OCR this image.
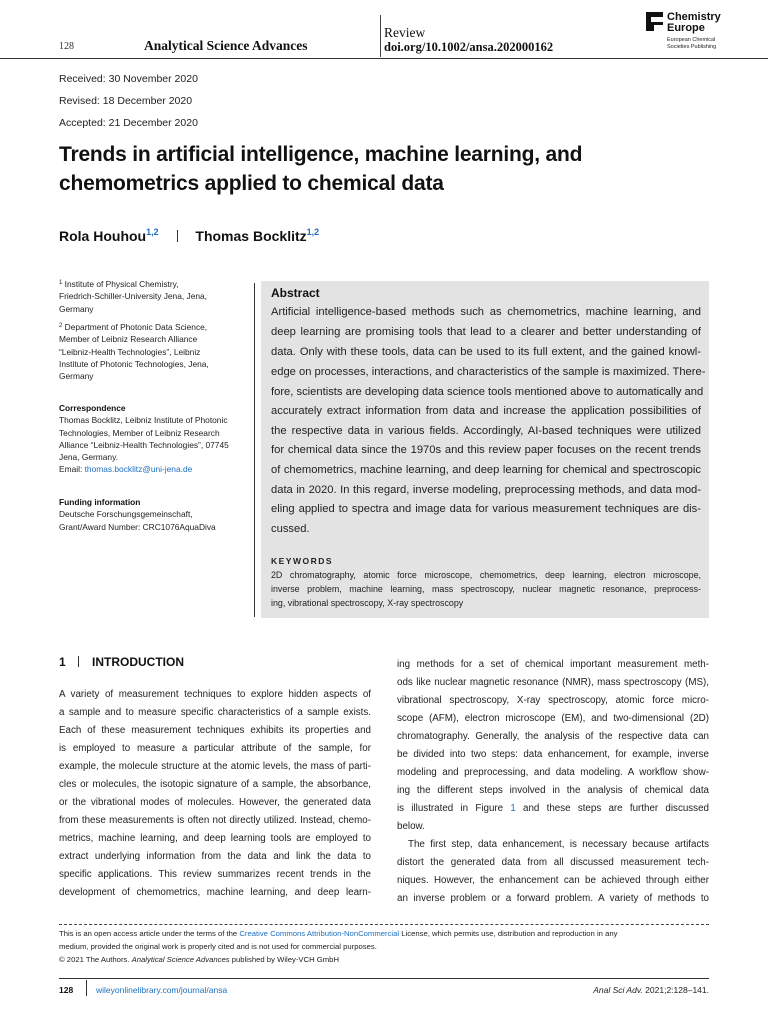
128	Analytical Science Advances
Review
doi.org/10.1002/ansa.202000162
Chemistry
Europe
European Chemical
Societies Publishing
Received: 30 November 2020
Revised: 18 December 2020
Accepted: 21 December 2020
Trends in artificial intelligence, machine learning, and
chemometrics applied to chemical data
Rola Houhou$^{1,2}$	Thomas Bocklitz$^{1,2}$
$^1$ Institute of Physical Chemistry,
Friedrich-Schiller-University Jena, Jena,
Germany
$^2$ Department of Photonic Data Science,
Member of Leibniz Research Alliance
“Leibniz-Health Technologies”, Leibniz
Institute of Photonic Technologies, Jena,
Germany
Correspondence
Thomas Bocklitz, Leibniz Institute of Photonic
Technologies, Member of Leibniz Research
Alliance “Leibniz-Health Technologies”, 07745
Jena, Germany.
Email: thomas.bocklitz@uni-jena.de
Funding information
Deutsche Forschungsgemeinschaft,
Grant/Award Number: CRC1076AquaDiva
Abstract
Artificial intelligence-based methods such as chemometrics, machine learning, and
deep learning are promising tools that lead to a clearer and better understanding of
data. Only with these tools, data can be used to its full extent, and the gained knowl-
edge on processes, interactions, and characteristics of the sample is maximized. There-
fore, scientists are developing data science tools mentioned above to automatically and
accurately extract information from data and increase the application possibilities of
the respective data in various fields. Accordingly, AI-based techniques were utilized
for chemical data since the 1970s and this review paper focuses on the recent trends
of chemometrics, machine learning, and deep learning for chemical and spectroscopic
data in 2020. In this regard, inverse modeling, preprocessing methods, and data mod-
eling applied to spectra and image data for various measurement techniques are dis-
cussed.
KEYWORDS
2D chromatography, atomic force microscope, chemometrics, deep learning, electron microscope,
inverse problem, machine learning, mass spectroscopy, nuclear magnetic resonance, preprocess-
ing, vibrational spectroscopy, X-ray spectroscopy
1 INTRODUCTION
A variety of measurement techniques to explore hidden aspects of
a sample and to measure specific characteristics of a sample exists.
Each of these measurement techniques exhibits its properties and
is employed to measure a particular attribute of the sample, for
example, the molecule structure at the atomic levels, the mass of parti-
cles or molecules, the isotopic signature of a sample, the absorbance,
or the vibrational modes of molecules. However, the generated data
from these measurements is often not directly utilized. Instead, chemo-
metrics, machine learning, and deep learning tools are employed to
extract underlying information from the data and link the data to
specific applications. This review summarizes recent trends in the
development of chemometrics, machine learning, and deep learn-
ing methods for a set of chemical important measurement meth-
ods like nuclear magnetic resonance (NMR), mass spectroscopy (MS),
vibrational spectroscopy, X-ray spectroscopy, atomic force micro-
scope (AFM), electron microscope (EM), and two-dimensional (2D)
chromatography. Generally, the analysis of the respective data can
be divided into two steps: data enhancement, for example, inverse
modeling and preprocessing, and data modeling. A workflow show-
ing the different steps involved in the analysis of chemical data
is illustrated in Figure 1 and these steps are further discussed
below.
The first step, data enhancement, is necessary because artifacts
distort the generated data from all discussed measurement tech-
niques. However, the enhancement can be achieved through either
an inverse problem or a forward problem. A variety of methods to
This is an open access article under the terms of the Creative Commons Attribution-NonCommercial License, which permits use, distribution and reproduction in any
medium, provided the original work is properly cited and is not used for commercial purposes.
© 2021 The Authors. Analytical Science Advances published by Wiley-VCH GmbH
128	wileyonlinelibrary.com/journal/ansa	Anal Sci Adv. 2021;2:128–141.
